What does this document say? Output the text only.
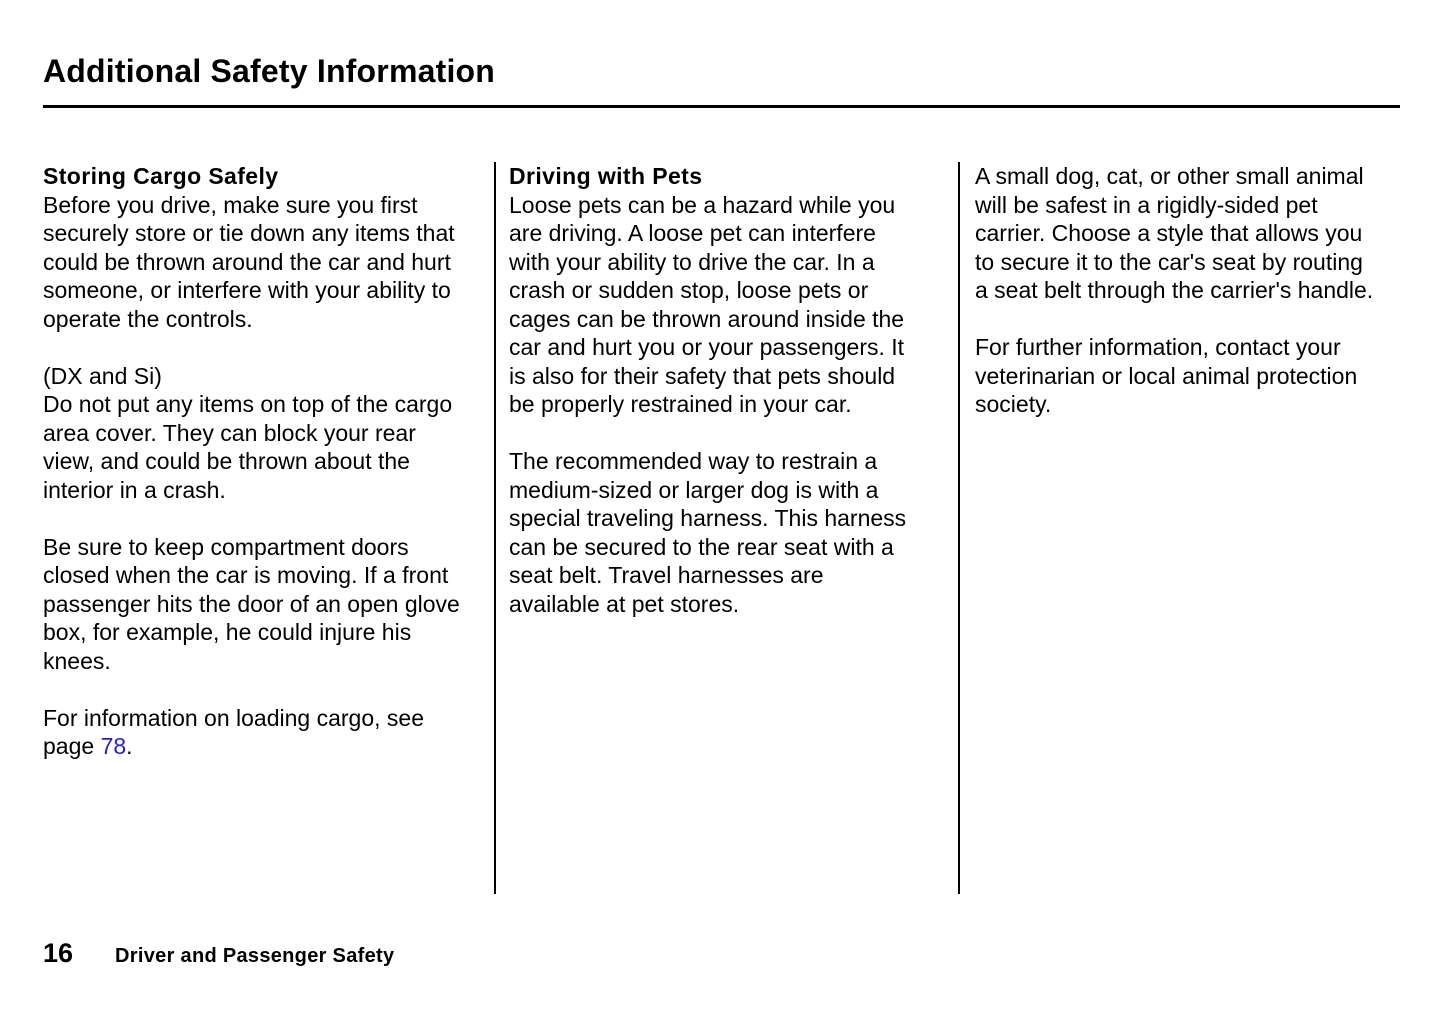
Additional Safety Information
Storing Cargo Safely

Before you drive, make sure you first securely store or tie down any items that could be thrown around the car and hurt someone, or interfere with your ability to operate the controls.

(DX and Si)
Do not put any items on top of the cargo area cover. They can block your rear view, and could be thrown about the interior in a crash.

Be sure to keep compartment doors closed when the car is moving. If a front passenger hits the door of an open glove box, for example, he could injure his knees.

For information on loading cargo, see page 78.

Driving with Pets

Loose pets can be a hazard while you are driving. A loose pet can interfere with your ability to drive the car. In a crash or sudden stop, loose pets or cages can be thrown around inside the car and hurt you or your passengers. It is also for their safety that pets should be properly restrained in your car.

The recommended way to restrain a medium-sized or larger dog is with a special traveling harness. This harness can be secured to the rear seat with a seat belt. Travel harnesses are available at pet stores.

A small dog, cat, or other small animal will be safest in a rigidly-sided pet carrier. Choose a style that allows you to secure it to the car's seat by routing a seat belt through the carrier's handle.

For further information, contact your veterinarian or local animal protection society.

16 Driver and Passenger Safety
